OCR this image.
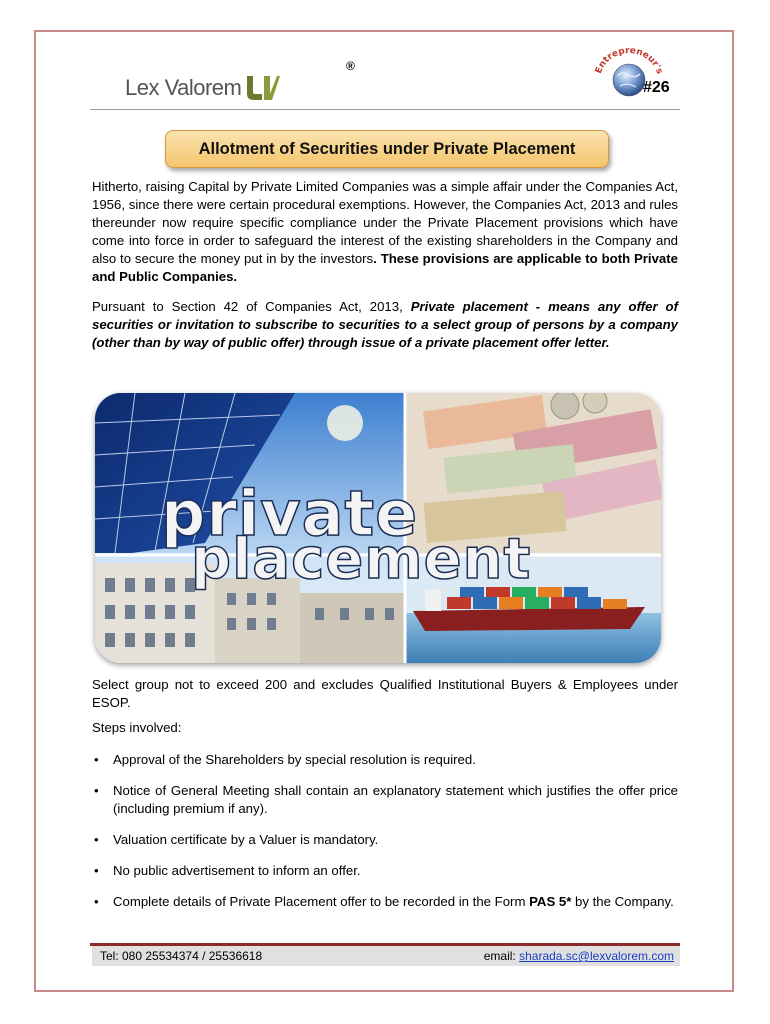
®
Lex Valorem
Entrepreneur's
#26
Allotment of Securities under Private Placement

Hitherto, raising Capital by Private Limited Companies was a simple affair under the Companies Act, 1956, since there were certain procedural exemptions. However, the Companies Act, 2013 and rules thereunder now require specific compliance under the Private Placement provisions which have come into force in order to safeguard the interest of the existing shareholders in the Company and also to secure the money put in by the investors. These provisions are applicable to both Private and Public Companies.

Pursuant to Section 42 of Companies Act, 2013, Private placement - means any offer of securities or invitation to subscribe to securities to a select group of persons by a company (other than by way of public offer) through issue of a private placement offer letter.

private
placement

Select group not to exceed 200 and excludes Qualified Institutional Buyers & Employees under ESOP.

Steps involved:

• Approval of the Shareholders by special resolution is required.
• Notice of General Meeting shall contain an explanatory statement which justifies the offer price (including premium if any).
• Valuation certificate by a Valuer is mandatory.
• No public advertisement to inform an offer.
• Complete details of Private Placement offer to be recorded in the Form PAS 5* by the Company.
Tel: 080 25534374 / 25536618	email: sharada.sc@lexvalorem.com
